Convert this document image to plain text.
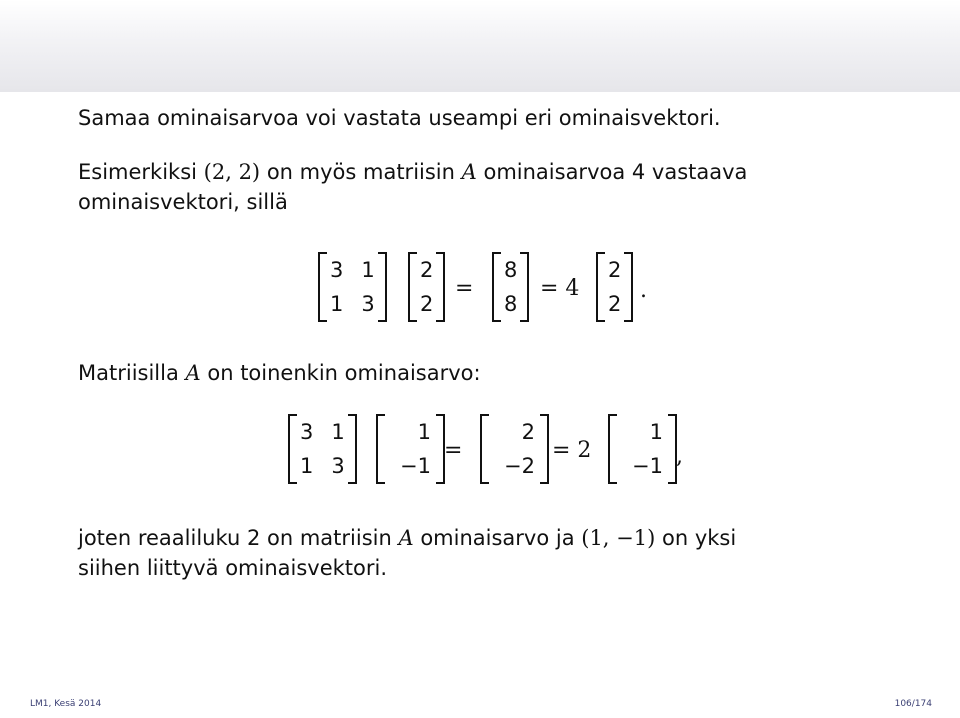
Samaa ominaisarvoa voi vastata useampi eri ominaisvektori.
Esimerkiksi (2, 2) on myös matriisin A ominaisarvoa 4 vastaava
ominaisvektori, sillä
3 1
1 3
2
2
=
8
8
= 4
2
2
.
Matriisilla A on toinenkin ominaisarvo:
3 1
1 3
1
−1
=
2
−2
= 2
1
−1 ,
joten reaaliluku 2 on matriisin A ominaisarvo ja (1, −1) on yksi
siihen liittyvä ominaisvektori.
LM1, Kesä 2014	106/174
